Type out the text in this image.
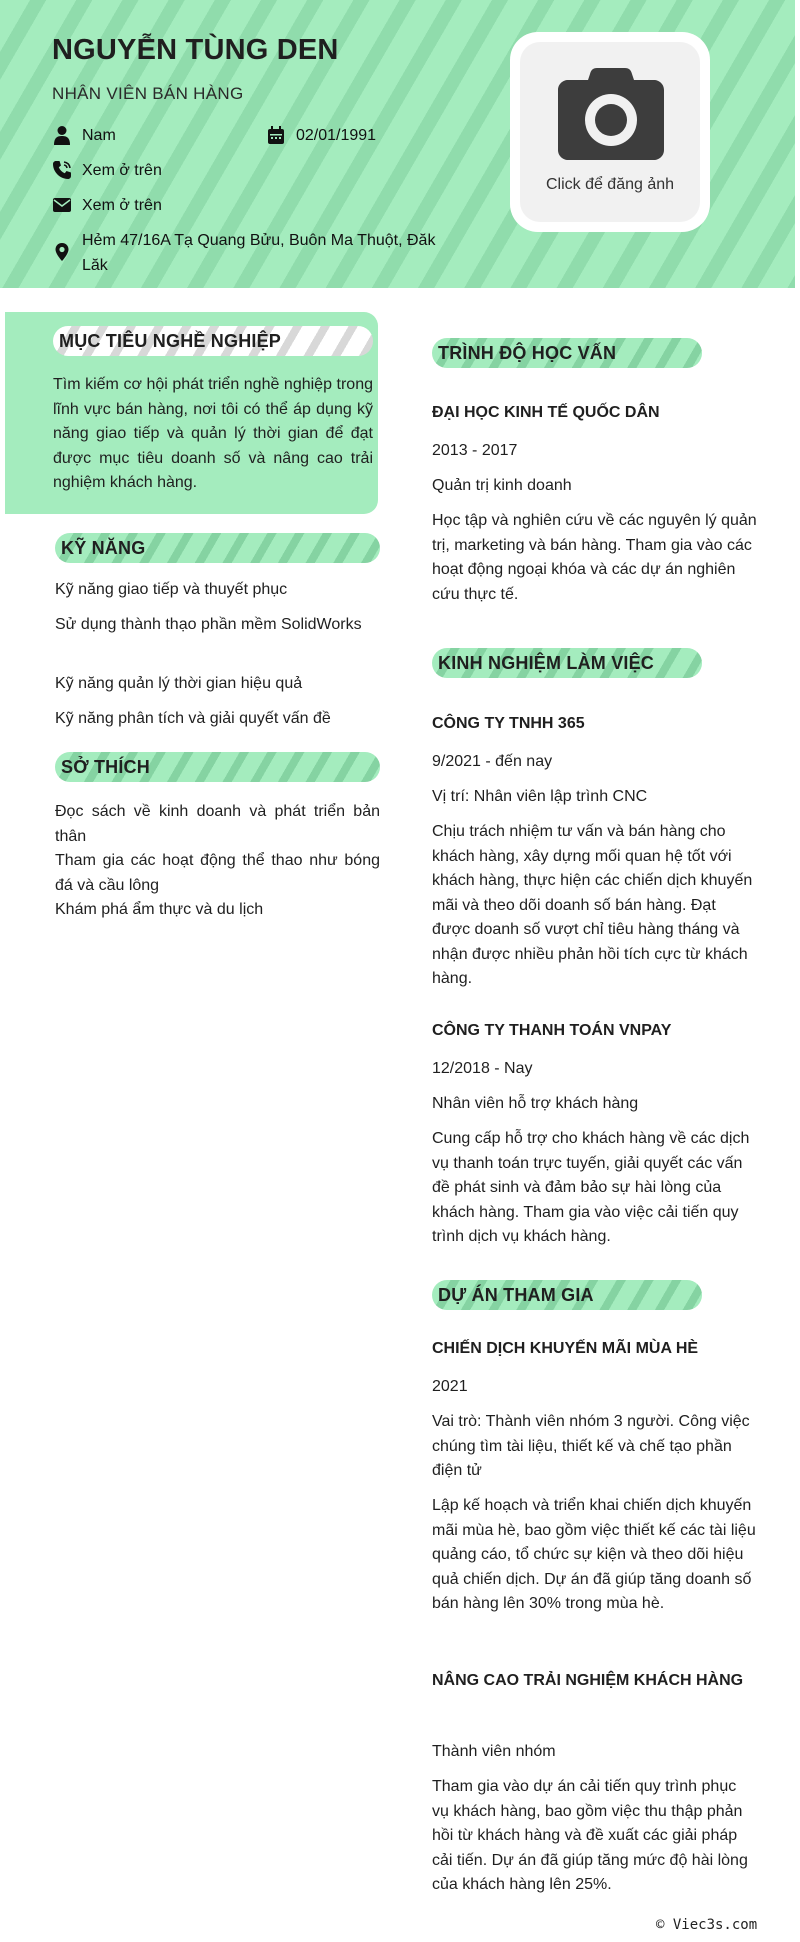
NGUYỄN TÙNG DEN
NHÂN VIÊN BÁN HÀNG
Nam	02/01/1991
Xem ở trên
Xem ở trên
Hẻm 47/16A Tạ Quang Bửu, Buôn Ma Thuột, Đăk Lăk
Click để đăng ảnh
MỤC TIÊU NGHỀ NGHIỆP
Tìm kiếm cơ hội phát triển nghề nghiệp trong lĩnh vực bán hàng, nơi tôi có thể áp dụng kỹ năng giao tiếp và quản lý thời gian để đạt được mục tiêu doanh số và nâng cao trải nghiệm khách hàng.
KỸ NĂNG
Kỹ năng giao tiếp và thuyết phục
Sử dụng thành thạo phần mềm SolidWorks
Kỹ năng quản lý thời gian hiệu quả
Kỹ năng phân tích và giải quyết vấn đề
SỞ THÍCH
Đọc sách về kinh doanh và phát triển bản thân
Tham gia các hoạt động thể thao như bóng đá và cầu lông
Khám phá ẩm thực và du lịch
TRÌNH ĐỘ HỌC VẤN
ĐẠI HỌC KINH TẾ QUỐC DÂN
2013 - 2017
Quản trị kinh doanh
Học tập và nghiên cứu về các nguyên lý quản trị, marketing và bán hàng. Tham gia vào các hoạt động ngoại khóa và các dự án nghiên cứu thực tế.
KINH NGHIỆM LÀM VIỆC
CÔNG TY TNHH 365
9/2021 - đến nay
Vị trí: Nhân viên lập trình CNC
Chịu trách nhiệm tư vấn và bán hàng cho khách hàng, xây dựng mối quan hệ tốt với khách hàng, thực hiện các chiến dịch khuyến mãi và theo dõi doanh số bán hàng. Đạt được doanh số vượt chỉ tiêu hàng tháng và nhận được nhiều phản hồi tích cực từ khách hàng.
CÔNG TY THANH TOÁN VNPAY
12/2018 - Nay
Nhân viên hỗ trợ khách hàng
Cung cấp hỗ trợ cho khách hàng về các dịch vụ thanh toán trực tuyến, giải quyết các vấn đề phát sinh và đảm bảo sự hài lòng của khách hàng. Tham gia vào việc cải tiến quy trình dịch vụ khách hàng.
DỰ ÁN THAM GIA
CHIẾN DỊCH KHUYẾN MÃI MÙA HÈ
2021
Vai trò: Thành viên nhóm 3 người. Công việc chúng tìm tài liệu, thiết kế và chế tạo phần điện tử
Lập kế hoạch và triển khai chiến dịch khuyến mãi mùa hè, bao gồm việc thiết kế các tài liệu quảng cáo, tổ chức sự kiện và theo dõi hiệu quả chiến dịch. Dự án đã giúp tăng doanh số bán hàng lên 30% trong mùa hè.
NÂNG CAO TRẢI NGHIỆM KHÁCH HÀNG
Thành viên nhóm
Tham gia vào dự án cải tiến quy trình phục vụ khách hàng, bao gồm việc thu thập phản hồi từ khách hàng và đề xuất các giải pháp cải tiến. Dự án đã giúp tăng mức độ hài lòng của khách hàng lên 25%.
© Viec3s.com
